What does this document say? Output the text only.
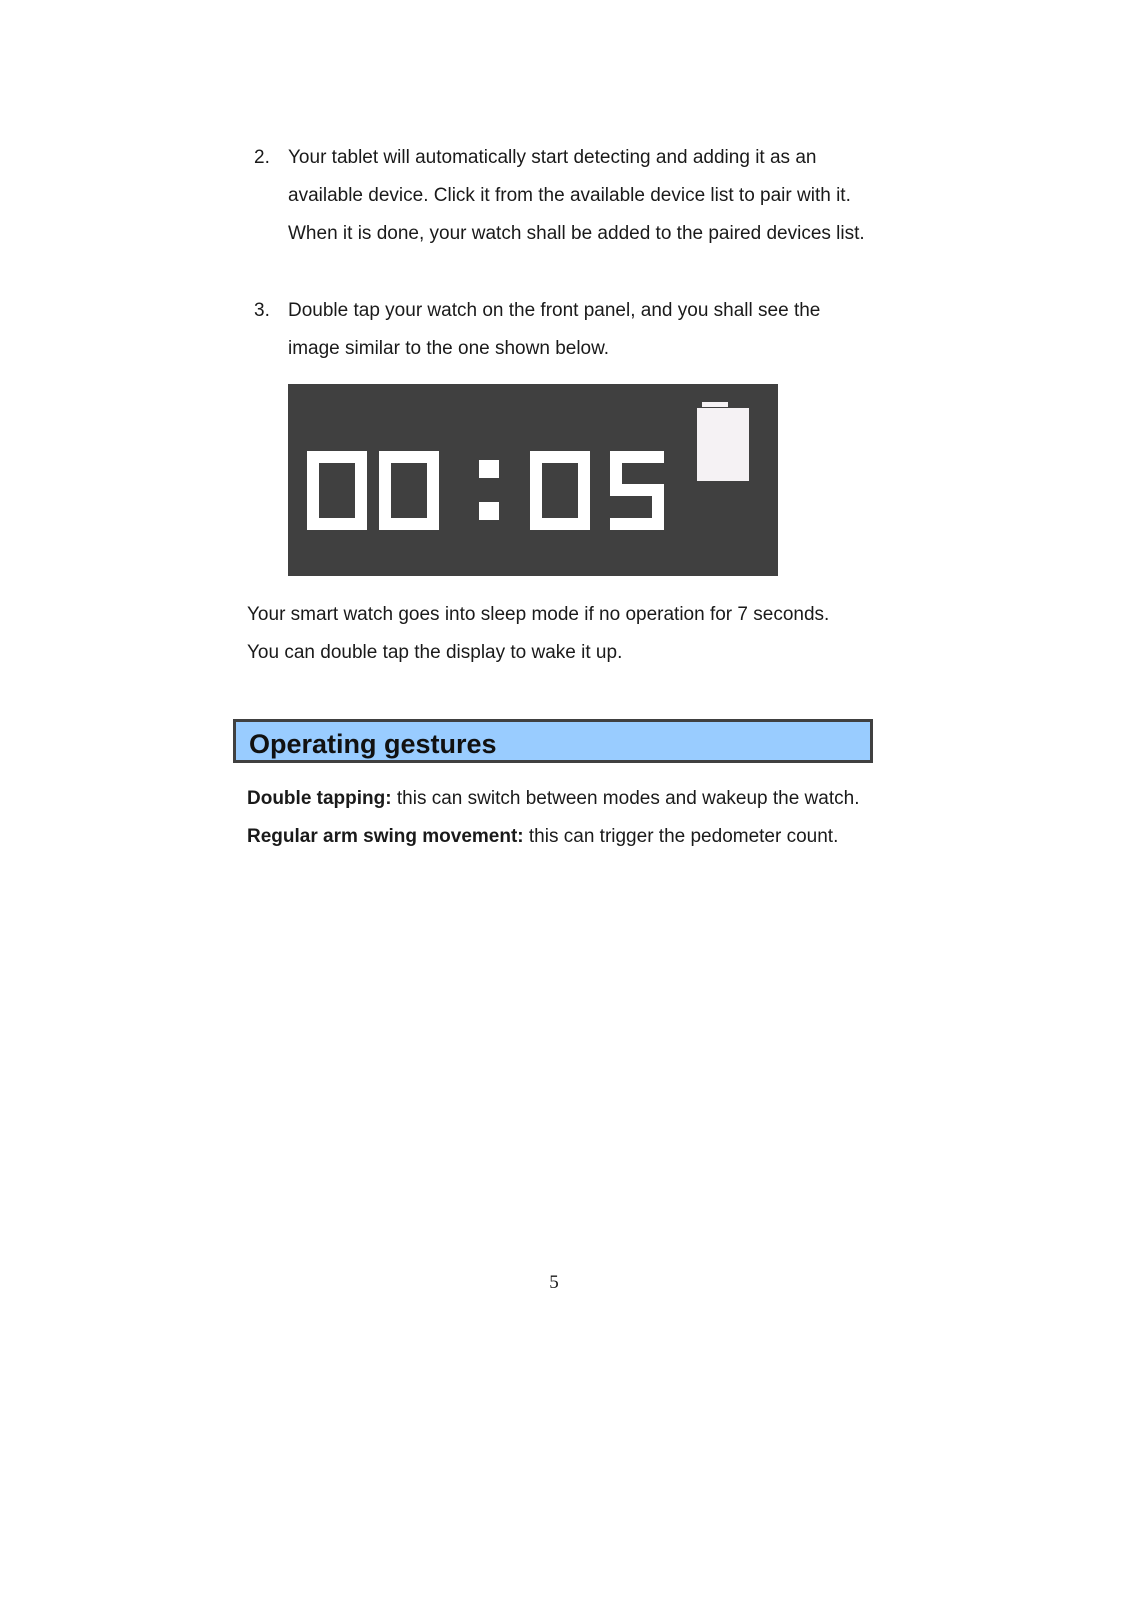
2. Your tablet will automatically start detecting and adding it as an
available device. Click it from the available device list to pair with it.
When it is done, your watch shall be added to the paired devices list.
3. Double tap your watch on the front panel, and you shall see the
image similar to the one shown below.
Your smart watch goes into sleep mode if no operation for 7 seconds.
You can double tap the display to wake it up.
Operating gestures
Double tapping: this can switch between modes and wakeup the watch.
Regular arm swing movement: this can trigger the pedometer count.
5
